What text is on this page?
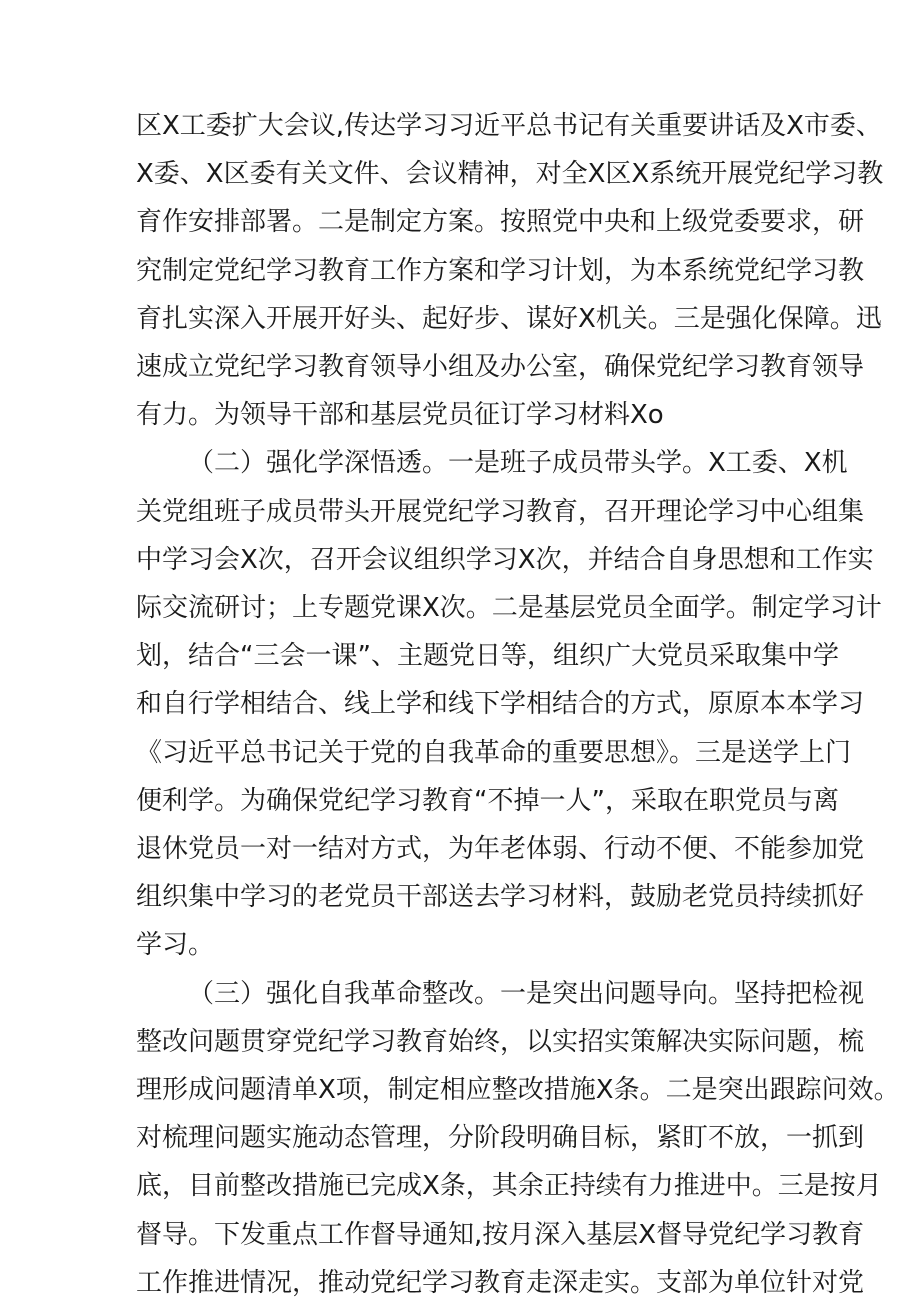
区X工委扩大会议,传达学习习近平总书记有关重要讲话及X市委、
X委、X区委有关文件、会议精神，对全X区X系统开展党纪学习教
育作安排部署。二是制定方案。按照党中央和上级党委要求，研
究制定党纪学习教育工作方案和学习计划，为本系统党纪学习教
育扎实深入开展开好头、起好步、谋好X机关。三是强化保障。迅
速成立党纪学习教育领导小组及办公室，确保党纪学习教育领导
有力。为领导干部和基层党员征订学习材料Xo
（二）强化学深悟透。一是班子成员带头学。X工委、X机
关党组班子成员带头开展党纪学习教育，召开理论学习中心组集
中学习会X次，召开会议组织学习X次，并结合自身思想和工作实
际交流研讨；上专题党课X次。二是基层党员全面学。制定学习计
划，结合“三会一课”、主题党日等，组织广大党员采取集中学
和自行学相结合、线上学和线下学相结合的方式，原原本本学习
《习近平总书记关于党的自我革命的重要思想》。三是送学上门
便利学。为确保党纪学习教育“不掉一人”，采取在职党员与离
退休党员一对一结对方式，为年老体弱、行动不便、不能参加党
组织集中学习的老党员干部送去学习材料，鼓励老党员持续抓好
学习。
（三）强化自我革命整改。一是突出问题导向。坚持把检视
整改问题贯穿党纪学习教育始终，以实招实策解决实际问题，梳
理形成问题清单X项，制定相应整改措施X条。二是突出跟踪问效。
对梳理问题实施动态管理，分阶段明确目标，紧盯不放，一抓到
底，目前整改措施已完成X条，其余正持续有力推进中。三是按月
督导。下发重点工作督导通知,按月深入基层X督导党纪学习教育
工作推进情况，推动党纪学习教育走深走实。支部为单位针对党
